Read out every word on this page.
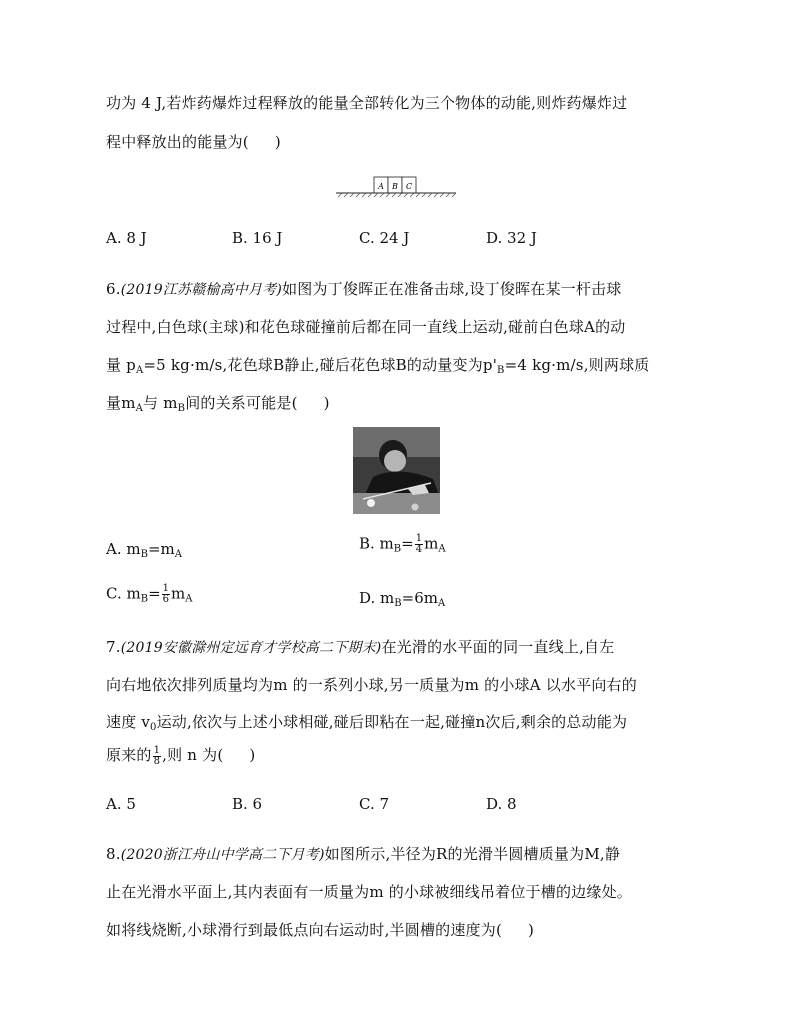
功为 4 J,若炸药爆炸过程释放的能量全部转化为三个物体的动能,则炸药爆炸过
程中释放出的能量为( )
A B C
A. 8 J	B. 16 J	C. 24 J	D. 32 J
6.(2019江苏赣榆高中月考)如图为丁俊晖正在准备击球,设丁俊晖在某一杆击球
过程中,白色球(主球)和花色球碰撞前后都在同一直线上运动,碰前白色球A的动
量 $p_A=5$ kg·m/s,花色球B静止,碰后花色球B的动量变为$p'_B=4$ kg·m/s,则两球质
量$m_A$与 $m_B$间的关系可能是( )
A. $m_B=m_A$
B. $m_B= \frac{1}{4} m_A$
C. $m_B= \frac{1}{6} m_A$	D. $m_B=6m_A$
7.(2019安徽滁州定远育才学校高二下期末)在光滑的水平面的同一直线上,自左
向右地依次排列质量均为m 的一系列小球,另一质量为m 的小球A 以水平向右的
速度 $v_0$运动,依次与上述小球相碰,碰后即粘在一起,碰撞n次后,剩余的总动能为
原来的 $\frac{1}{8}$ ,则 n 为( )
A. 5	B. 6	C. 7	D. 8
8.(2020浙江舟山中学高二下月考)如图所示,半径为R的光滑半圆槽质量为M,静
止在光滑水平面上,其内表面有一质量为m 的小球被细线吊着位于槽的边缘处。
如将线烧断,小球滑行到最低点向右运动时,半圆槽的速度为( )
